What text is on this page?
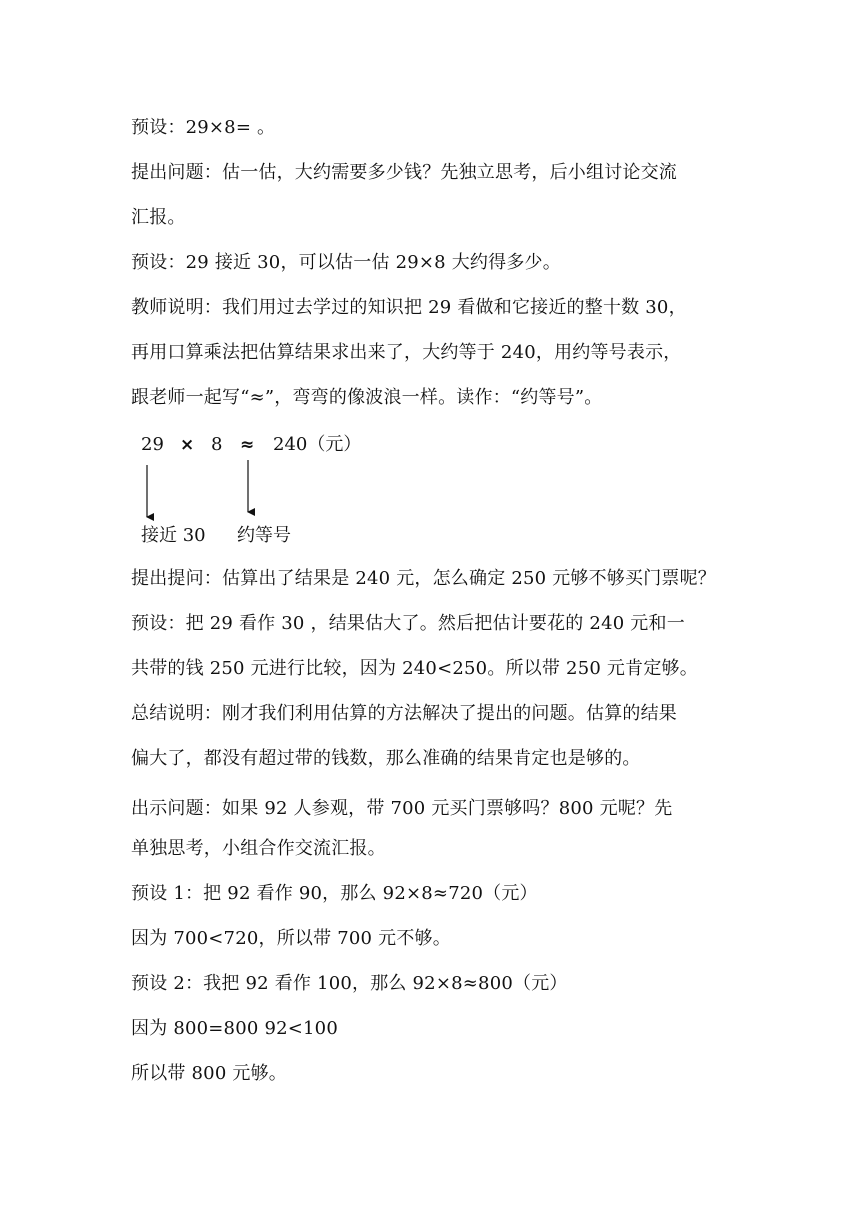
预设：29×8= 。

提出问题：估一估，大约需要多少钱？先独立思考，后小组讨论交流

汇报。

预设：29 接近 30，可以估一估 29×8 大约得多少。

教师说明：我们用过去学过的知识把 29 看做和它接近的整十数 30，

再用口算乘法把估算结果求出来了，大约等于 240，用约等号表示，

跟老师一起写“≈”，弯弯的像波浪一样。读作：“约等号”。

29 × 8 ≈ 240（元）
接近 30 约等号

提出提问：估算出了结果是 240 元，怎么确定 250 元够不够买门票呢？

预设：把 29 看作 30 ，结果估大了。然后把估计要花的 240 元和一

共带的钱 250 元进行比较，因为 240<250。所以带 250 元肯定够。

总结说明：刚才我们利用估算的方法解决了提出的问题。估算的结果

偏大了，都没有超过带的钱数，那么准确的结果肯定也是够的。

出示问题：如果 92 人参观，带 700 元买门票够吗？800 元呢？先

单独思考，小组合作交流汇报。

预设 1：把 92 看作 90，那么 92×8≈720（元）

因为 700<720，所以带 700 元不够。

预设 2：我把 92 看作 100，那么 92×8≈800（元）

因为 800=800 92<100

所以带 800 元够。
